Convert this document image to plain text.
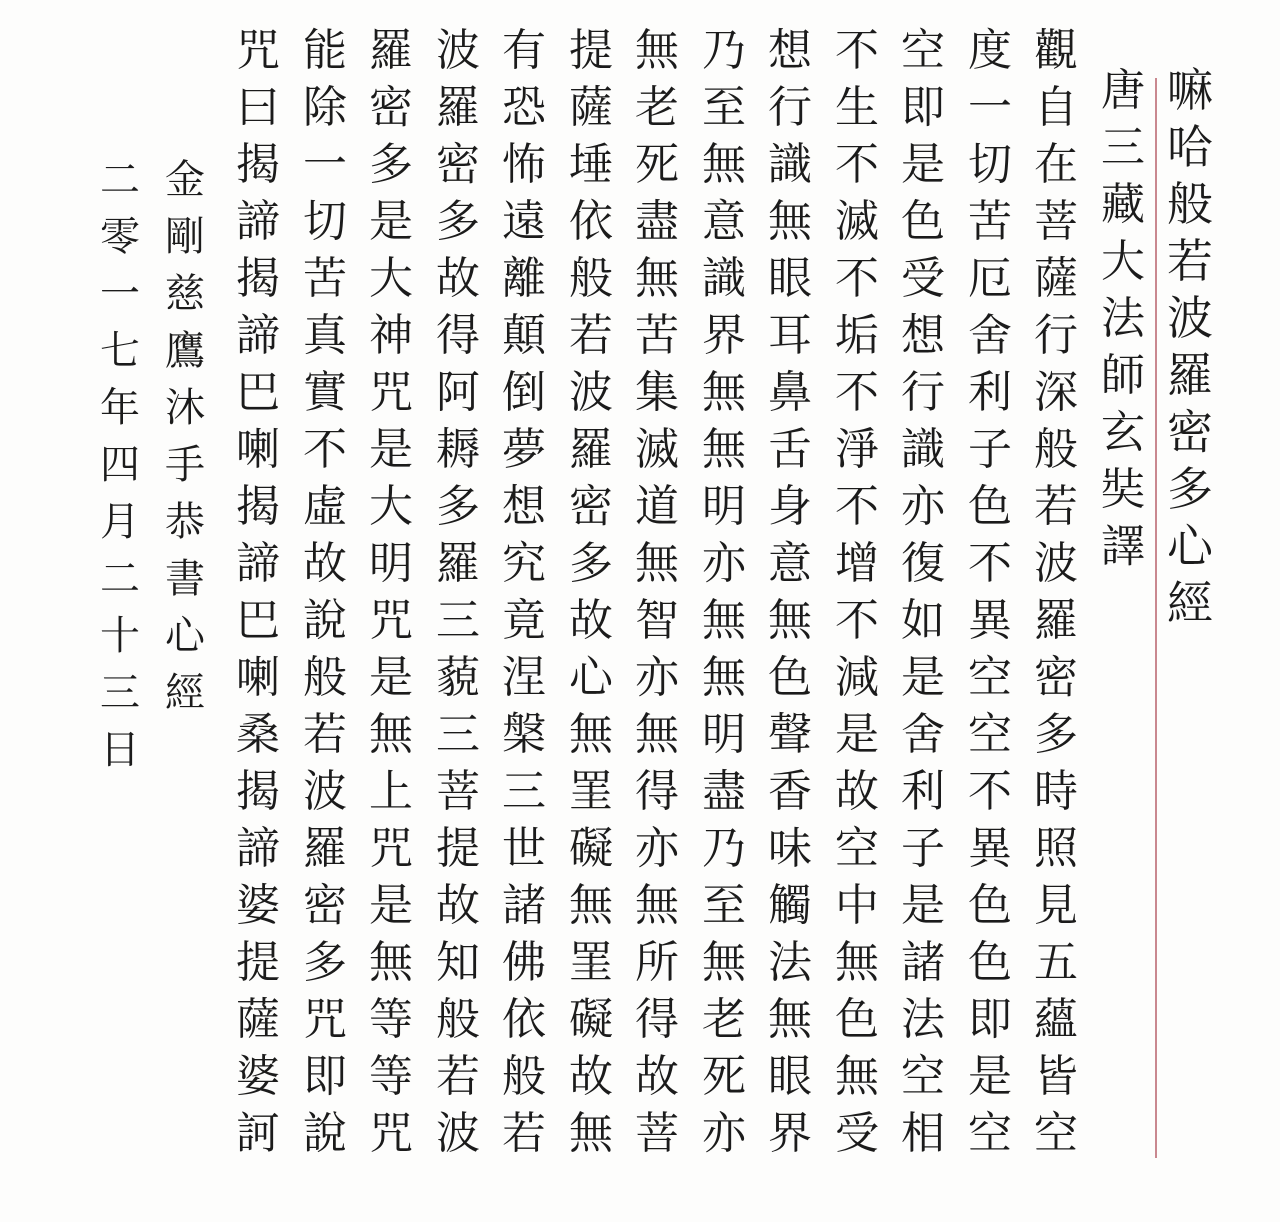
嘛
哈
般
若
波
羅
密
多
心
經
唐
三
藏
大
法
師
玄
奘
譯
觀
自
在
菩
薩
行
深
般
若
波
羅
密
多
時
照
見
五
蘊
皆
空
度
一
切
苦
厄
舍
利
子
色
不
異
空
空
不
異
色
色
即
是
空
空
即
是
色
受
想
行
識
亦
復
如
是
舍
利
子
是
諸
法
空
相
不
生
不
滅
不
垢
不
淨
不
增
不
減
是
故
空
中
無
色
無
受
想
行
識
無
眼
耳
鼻
舌
身
意
無
色
聲
香
味
觸
法
無
眼
界
乃
至
無
意
識
界
無
無
明
亦
無
無
明
盡
乃
至
無
老
死
亦
無
老
死
盡
無
苦
集
滅
道
無
智
亦
無
得
亦
無
所
得
故
菩
提
薩
埵
依
般
若
波
羅
密
多
故
心
無
罣
礙
無
罣
礙
故
無
有
恐
怖
遠
離
顛
倒
夢
想
究
竟
涅
槃
三
世
諸
佛
依
般
若
波
羅
密
多
故
得
阿
耨
多
羅
三
藐
三
菩
提
故
知
般
若
波
羅
密
多
是
大
神
咒
是
大
明
咒
是
無
上
咒
是
無
等
等
咒
能
除
一
切
苦
真
實
不
虛
故
說
般
若
波
羅
密
多
咒
即
說
咒
曰
揭
諦
揭
諦
巴
喇
揭
諦
巴
喇
桑
揭
諦
婆
提
薩
婆
訶
金
剛
慈
鷹
沐
手
恭
書
心
經
二
零
一
七
年
四
月
二
十
三
日
